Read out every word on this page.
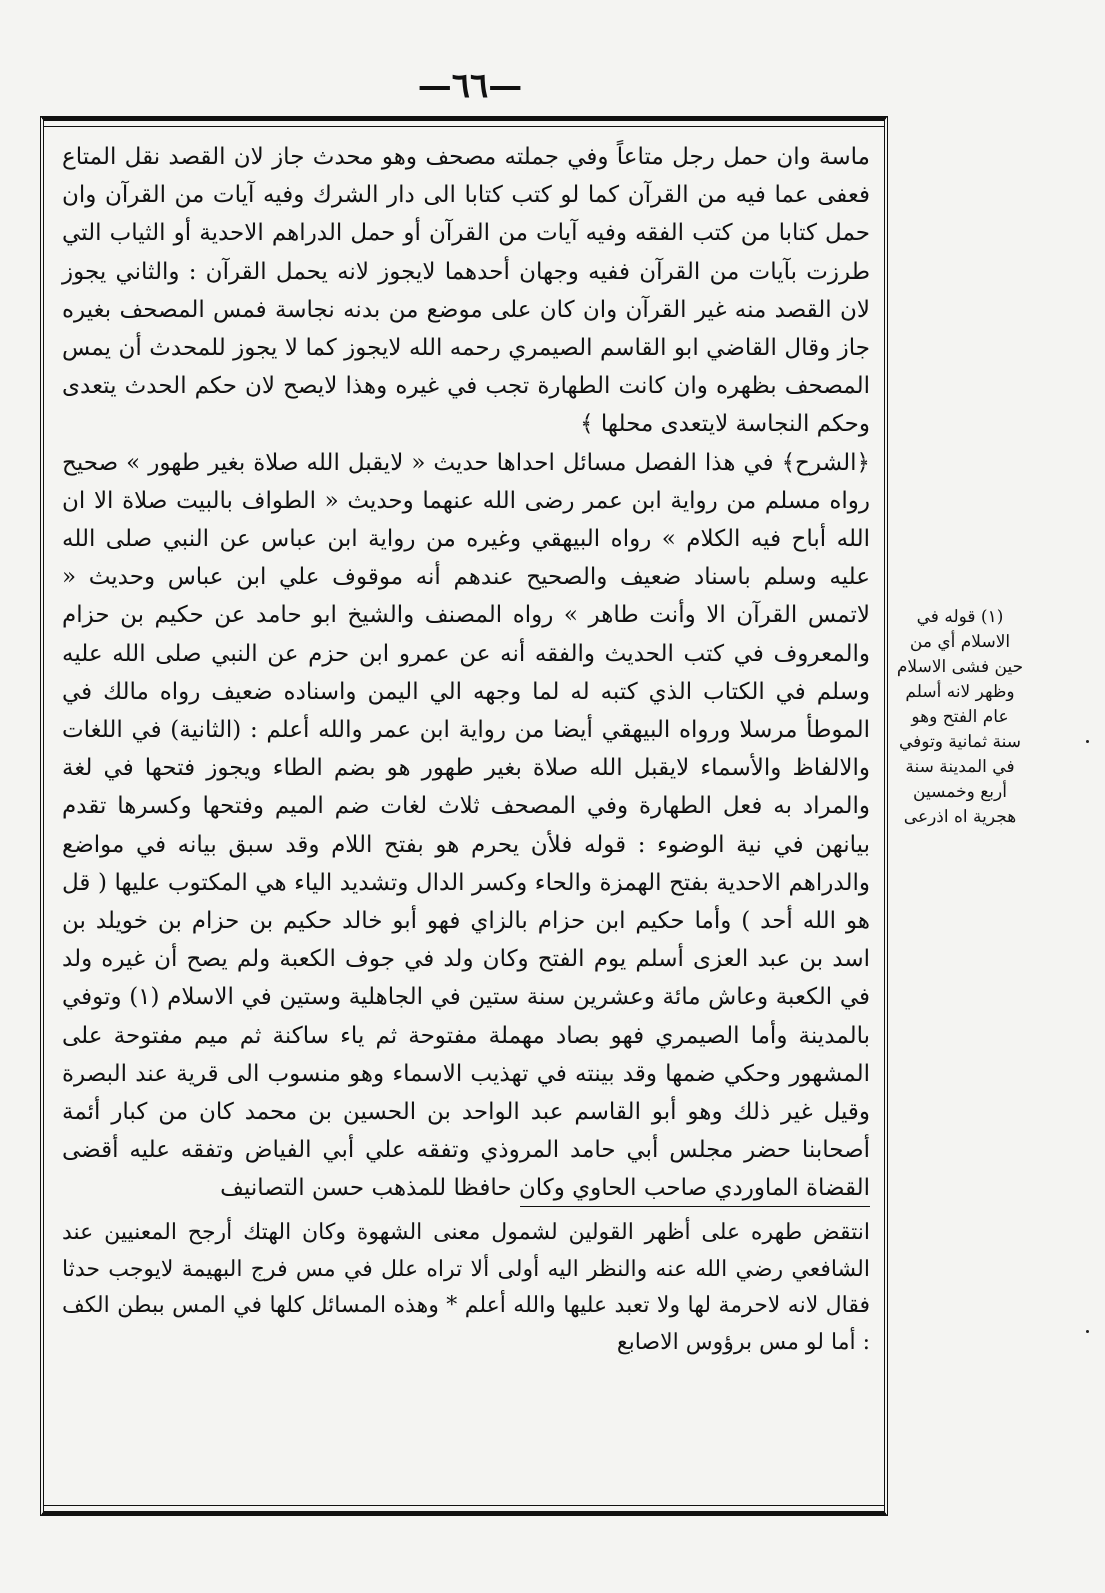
—٦٦—

ماسة وان حمل رجل متاعاً وفي جملته مصحف وهو محدث جاز لان القصد نقل المتاع فعفى عما فيه من القرآن كما لو كتب كتابا الى دار الشرك وفيه آيات من القرآن وان حمل كتابا من كتب الفقه وفيه آيات من القرآن أو حمل الدراهم الاحدية أو الثياب التي طرزت بآيات من القرآن ففيه وجهان أحدهما لايجوز لانه يحمل القرآن : والثاني يجوز لان القصد منه غير القرآن وان كان على موضع من بدنه نجاسة فمس المصحف بغيره جاز وقال القاضي ابو القاسم الصيمري رحمه الله لايجوز كما لا يجوز للمحدث أن يمس المصحف بظهره وان كانت الطهارة تجب في غيره وهذا لايصح لان حكم الحدث يتعدى وحكم النجاسة لايتعدى محلها ﴾

﴿الشرح﴾ في هذا الفصل مسائل احداها حديث « لايقبل الله صلاة بغير طهور » صحيح رواه مسلم من رواية ابن عمر رضى الله عنهما وحديث « الطواف بالبيت صلاة الا ان الله أباح فيه الكلام » رواه البيهقي وغيره من رواية ابن عباس عن النبي صلى الله عليه وسلم باسناد ضعيف والصحيح عندهم أنه موقوف علي ابن عباس وحديث « لاتمس القرآن الا وأنت طاهر » رواه المصنف والشيخ ابو حامد عن حكيم بن حزام والمعروف في كتب الحديث والفقه أنه عن عمرو ابن حزم عن النبي صلى الله عليه وسلم في الكتاب الذي كتبه له لما وجهه الي اليمن واسناده ضعيف رواه مالك في الموطأ مرسلا ورواه البيهقي أيضا من رواية ابن عمر والله أعلم : (الثانية) في اللغات والالفاظ والأسماء لايقبل الله صلاة بغير طهور هو بضم الطاء ويجوز فتحها في لغة والمراد به فعل الطهارة وفي المصحف ثلاث لغات ضم الميم وفتحها وكسرها تقدم بيانهن في نية الوضوء : قوله فلأن يحرم هو بفتح اللام وقد سبق بيانه في مواضع والدراهم الاحدية بفتح الهمزة والحاء وكسر الدال وتشديد الياء هي المكتوب عليها ( قل هو الله أحد ) وأما حكيم ابن حزام بالزاي فهو أبو خالد حكيم بن حزام بن خويلد بن اسد بن عبد العزى أسلم يوم الفتح وكان ولد في جوف الكعبة ولم يصح أن غيره ولد في الكعبة وعاش مائة وعشرين سنة ستين في الجاهلية وستين في الاسلام (١) وتوفي بالمدينة وأما الصيمري فهو بصاد مهملة مفتوحة ثم ياء ساكنة ثم ميم مفتوحة على المشهور وحكي ضمها وقد بينته في تهذيب الاسماء وهو منسوب الى قرية عند البصرة وقيل غير ذلك وهو أبو القاسم عبد الواحد بن الحسين بن محمد كان من كبار أئمة أصحابنا حضر مجلس أبي حامد المروذي وتفقه علي أبي الفياض وتفقه عليه أقضى القضاة الماوردي صاحب الحاوي وكان حافظا للمذهب حسن التصانيف

انتقض طهره على أظهر القولين لشمول معنى الشهوة وكان الهتك أرجح المعنيين عند الشافعي رضي الله عنه والنظر اليه أولى ألا تراه علل في مس فرج البهيمة لايوجب حدثا فقال لانه لاحرمة لها ولا تعبد عليها والله أعلم * وهذه المسائل كلها في المس ببطن الكف : أما لو مس برؤوس الاصابع

(١) قوله في الاسلام أي من حين فشى الاسلام وظهر لانه أسلم عام الفتح وهو سنة ثمانية وتوفي في المدينة سنة أربع وخمسين هجرية اه اذرعى
